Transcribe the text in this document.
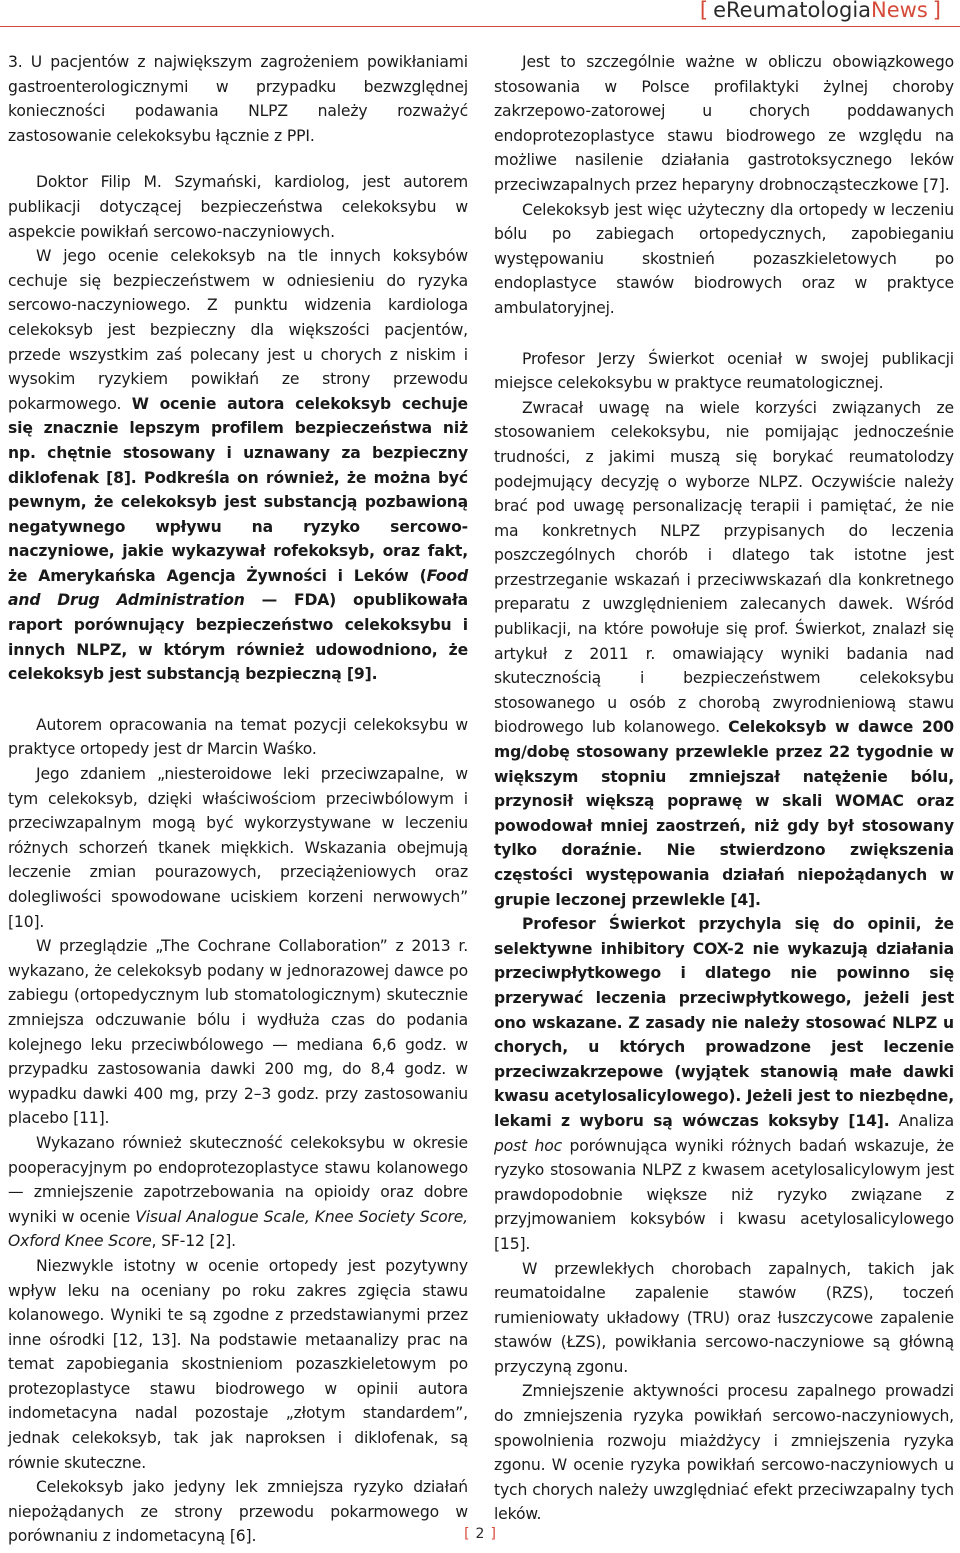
[ eReumatologiaNews ]

3. U pacjentów z największym zagrożeniem powikłaniami gastroenterologicznymi w przypadku bezwzględnej konieczności podawania NLPZ należy rozważyć zastosowanie celekoksybu łącznie z PPI.

Doktor Filip M. Szymański, kardiolog, jest autorem publikacji dotyczącej bezpieczeństwa celekoksybu w aspekcie powikłań sercowo-naczyniowych.

W jego ocenie celekoksyb na tle innych koksybów cechuje się bezpieczeństwem w odniesieniu do ryzyka sercowo-naczyniowego. Z punktu widzenia kardiologa celekoksyb jest bezpieczny dla większości pacjentów, przede wszystkim zaś polecany jest u chorych z niskim i wysokim ryzykiem powikłań ze strony przewodu pokarmowego. W ocenie autora celekoksyb cechuje się znacznie lepszym profilem bezpieczeństwa niż np. chętnie stosowany i uznawany za bezpieczny diklofenak [8]. Podkreśla on również, że można być pewnym, że celekoksyb jest substancją pozbawioną negatywnego wpływu na ryzyko sercowo-naczyniowe, jakie wykazywał rofekoksyb, oraz fakt, że Amerykańska Agencja Żywności i Leków (Food and Drug Administration — FDA) opublikowała raport porównujący bezpieczeństwo celekoksybu i innych NLPZ, w którym również udowodniono, że celekoksyb jest substancją bezpieczną [9].

Autorem opracowania na temat pozycji celekoksybu w praktyce ortopedy jest dr Marcin Waśko.

Jego zdaniem „niesteroidowe leki przeciwzapalne, w tym celekoksyb, dzięki właściwościom przeciwbólowym i przeciwzapalnym mogą być wykorzystywane w leczeniu różnych schorzeń tkanek miękkich. Wskazania obejmują leczenie zmian pourazowych, przeciążeniowych oraz dolegliwości spowodowane uciskiem korzeni nerwowych” [10].

W przeglądzie „The Cochrane Collaboration” z 2013 r. wykazano, że celekoksyb podany w jednorazowej dawce po zabiegu (ortopedycznym lub stomatologicznym) skutecznie zmniejsza odczuwanie bólu i wydłuża czas do podania kolejnego leku przeciwbólowego — mediana 6,6 godz. w przypadku zastosowania dawki 200 mg, do 8,4 godz. w wypadku dawki 400 mg, przy 2–3 godz. przy zastosowaniu placebo [11].

Wykazano również skuteczność celekoksybu w okresie pooperacyjnym po endoprotezoplastyce stawu kolanowego — zmniejszenie zapotrzebowania na opioidy oraz dobre wyniki w ocenie Visual Analogue Scale, Knee Society Score, Oxford Knee Score, SF-12 [2].

Niezwykle istotny w ocenie ortopedy jest pozytywny wpływ leku na oceniany po roku zakres zgięcia stawu kolanowego. Wyniki te są zgodne z przedstawianymi przez inne ośrodki [12, 13]. Na podstawie metaanalizy prac na temat zapobiegania skostnieniom pozaszkieletowym po protezoplastyce stawu biodrowego w opinii autora indometacyna nadal pozostaje „złotym standardem”, jednak celekoksyb, tak jak naproksen i diklofenak, są równie skuteczne.

Celekoksyb jako jedyny lek zmniejsza ryzyko działań niepożądanych ze strony przewodu pokarmowego w porównaniu z indometacyną [6].

Jest to szczególnie ważne w obliczu obowiązkowego stosowania w Polsce profilaktyki żylnej choroby zakrzepowo-zatorowej u chorych poddawanych endoprotezoplastyce stawu biodrowego ze względu na możliwe nasilenie działania gastrotoksycznego leków przeciwzapalnych przez heparyny drobnocząsteczkowe [7].

Celekoksyb jest więc użyteczny dla ortopedy w leczeniu bólu po zabiegach ortopedycznych, zapobieganiu występowaniu skostnień pozaszkieletowych po endoplastyce stawów biodrowych oraz w praktyce ambulatoryjnej.

Profesor Jerzy Świerkot oceniał w swojej publikacji miejsce celekoksybu w praktyce reumatologicznej.

Zwracał uwagę na wiele korzyści związanych ze stosowaniem celekoksybu, nie pomijając jednocześnie trudności, z jakimi muszą się borykać reumatolodzy podejmujący decyzję o wyborze NLPZ. Oczywiście należy brać pod uwagę personalizację terapii i pamiętać, że nie ma konkretnych NLPZ przypisanych do leczenia poszczególnych chorób i dlatego tak istotne jest przestrzeganie wskazań i przeciwwskazań dla konkretnego preparatu z uwzględnieniem zalecanych dawek. Wśród publikacji, na które powołuje się prof. Świerkot, znalazł się artykuł z 2011 r. omawiający wyniki badania nad skutecznością i bezpieczeństwem celekoksybu stosowanego u osób z chorobą zwyrodnieniową stawu biodrowego lub kolanowego. Celekoksyb w dawce 200 mg/dobę stosowany przewlekle przez 22 tygodnie w większym stopniu zmniejszał natężenie bólu, przynosił większą poprawę w skali WOMAC oraz powodował mniej zaostrzeń, niż gdy był stosowany tylko doraźnie. Nie stwierdzono zwiększenia częstości występowania działań niepożądanych w grupie leczonej przewlekle [4].

Profesor Świerkot przychyla się do opinii, że selektywne inhibitory COX-2 nie wykazują działania przeciwpłytkowego i dlatego nie powinno się przerywać leczenia przeciwpłytkowego, jeżeli jest ono wskazane. Z zasady nie należy stosować NLPZ u chorych, u których prowadzone jest leczenie przeciwzakrzepowe (wyjątek stanowią małe dawki kwasu acetylosalicylowego). Jeżeli jest to niezbędne, lekami z wyboru są wówczas koksyby [14]. Analiza post hoc porównująca wyniki różnych badań wskazuje, że ryzyko stosowania NLPZ z kwasem acetylosalicylowym jest prawdopodobnie większe niż ryzyko związane z przyjmowaniem koksybów i kwasu acetylosalicylowego [15].

W przewlekłych chorobach zapalnych, takich jak reumatoidalne zapalenie stawów (RZS), toczeń rumieniowaty układowy (TRU) oraz łuszczycowe zapalenie stawów (ŁZS), powikłania sercowo-naczyniowe są główną przyczyną zgonu.

Zmniejszenie aktywności procesu zapalnego prowadzi do zmniejszenia ryzyka powikłań sercowo-naczyniowych, spowolnienia rozwoju miażdżycy i zmniejszenia ryzyka zgonu. W ocenie ryzyka powikłań sercowo-naczyniowych u tych chorych należy uwzględniać efekt przeciwzapalny tych leków.

[ 2 ]
